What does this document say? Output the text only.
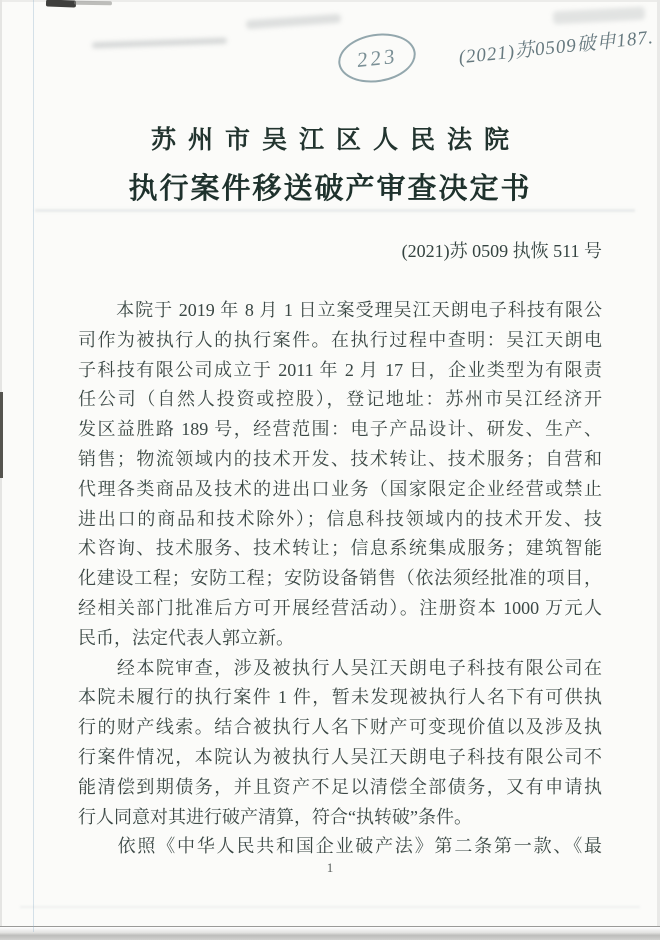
223	(2021)苏0509破申187.
苏州市吴江区人民法院
执行案件移送破产审查决定书
(2021)苏 0509 执恢 511 号
　　本院于 2019 年 8 月 1 日立案受理吴江天朗电子科技有限公
司作为被执行人的执行案件。在执行过程中查明：吴江天朗电
子科技有限公司成立于 2011 年 2 月 17 日，企业类型为有限责
任公司（自然人投资或控股），登记地址：苏州市吴江经济开
发区益胜路 189 号，经营范围：电子产品设计、研发、生产、
销售；物流领域内的技术开发、技术转让、技术服务；自营和
代理各类商品及技术的进出口业务（国家限定企业经营或禁止
进出口的商品和技术除外）；信息科技领域内的技术开发、技
术咨询、技术服务、技术转让；信息系统集成服务；建筑智能
化建设工程；安防工程；安防设备销售（依法须经批准的项目，
经相关部门批准后方可开展经营活动）。注册资本 1000 万元人
民币，法定代表人郭立新。
　　经本院审查，涉及被执行人吴江天朗电子科技有限公司在
本院未履行的执行案件 1 件，暂未发现被执行人名下有可供执
行的财产线索。结合被执行人名下财产可变现价值以及涉及执
行案件情况，本院认为被执行人吴江天朗电子科技有限公司不
能清偿到期债务，并且资产不足以清偿全部债务，又有申请执
行人同意对其进行破产清算，符合“执转破”条件。
　　依照《中华人民共和国企业破产法》第二条第一款、《最
1
